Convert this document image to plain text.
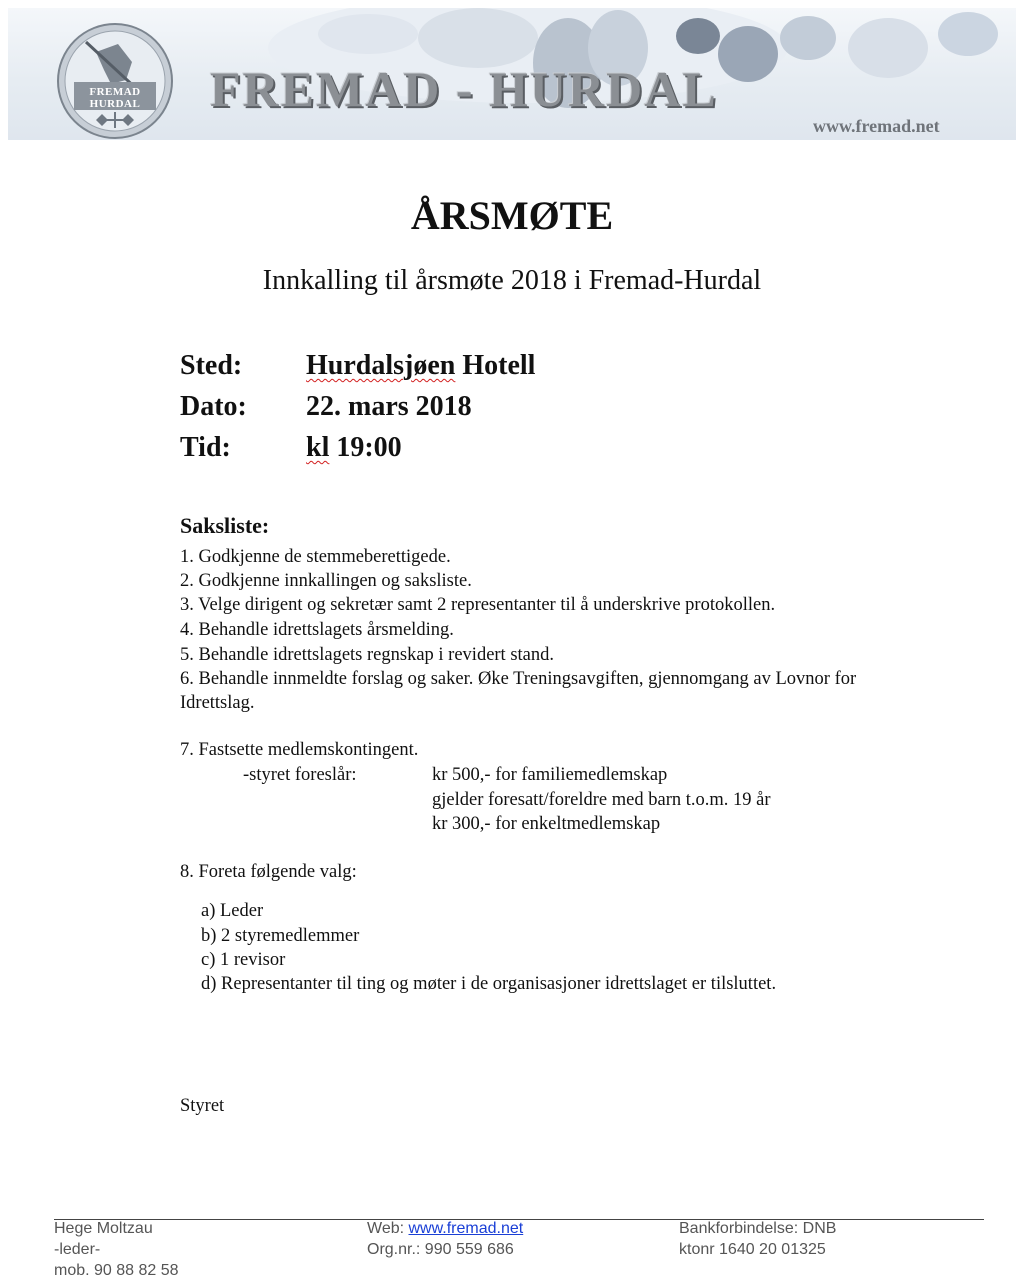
FREMAD
HURDAL	FREMAD - HURDAL
www.fremad.net
ÅRSMØTE
Innkalling til årsmøte 2018 i Fremad-Hurdal
Sted: Hurdalsjøen Hotell
Dato: 22. mars 2018
Tid:	kl 19:00
Saksliste:
1. Godkjenne de stemmeberettigede.
2. Godkjenne innkallingen og saksliste.
3. Velge dirigent og sekretær samt 2 representanter til å underskrive protokollen.
4. Behandle idrettslagets årsmelding.
5. Behandle idrettslagets regnskap i revidert stand.
6. Behandle innmeldte forslag og saker. Øke Treningsavgiften, gjennomgang av Lovnor for
Idrettslag.
7. Fastsette medlemskontingent.
-styret foreslår:	kr 500,- for familiemedlemskap
gjelder foresatt/foreldre med barn t.o.m. 19 år
kr 300,- for enkeltmedlemskap
8. Foreta følgende valg:
a) Leder
b) 2 styremedlemmer
c) 1 revisor
d) Representanter til ting og møter i de organisasjoner idrettslaget er tilsluttet.
Styret
Hege Moltzau
-leder-
mob. 90 88 82 58
Web: www.fremad.net
Org.nr.: 990 559 686
Bankforbindelse: DNB
ktonr 1640 20 01325
